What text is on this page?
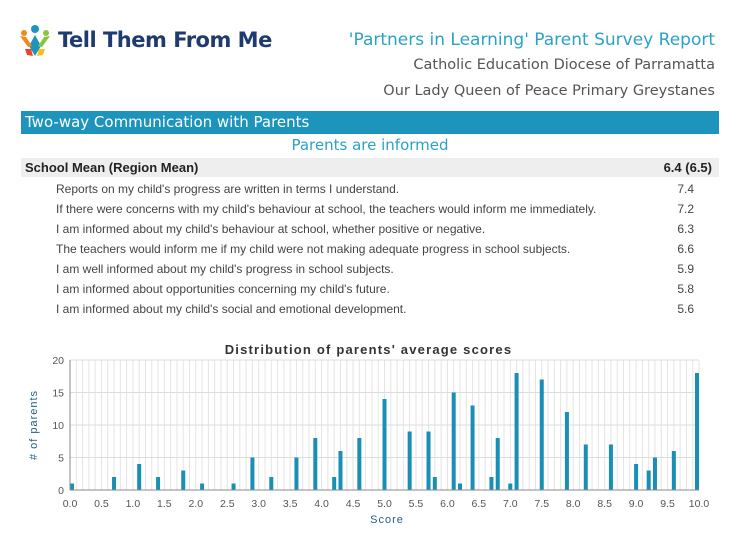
Tell Them From Me	'Partners in Learning' Parent Survey Report
Catholic Education Diocese of Parramatta
Our Lady Queen of Peace Primary Greystanes
Two-way Communication with Parents
Parents are informed
School Mean (Region Mean)	6.4 (6.5)
Reports on my child's progress are written in terms I understand.	7.4
If there were concerns with my child's behaviour at school, the teachers would inform me immediately.	7.2
I am informed about my child's behaviour at school, whether positive or negative.	6.3
The teachers would inform me if my child were not making adequate progress in school subjects.	6.6
I am well informed about my child's progress in school subjects.	5.9
I am informed about opportunities concerning my child's future.	5.8
I am informed about my child's social and emotional development.	5.6
Distribution of parents' average scores
0
5
10
15
20
0.0 0.5 1.0 1.5 2.0 2.5 3.0 3.5 4.0 4.5 5.0 5.5 6.0 6.5 7.0 7.5 8.0 8.5 9.0 9.5 10.0
Score
# of parents
